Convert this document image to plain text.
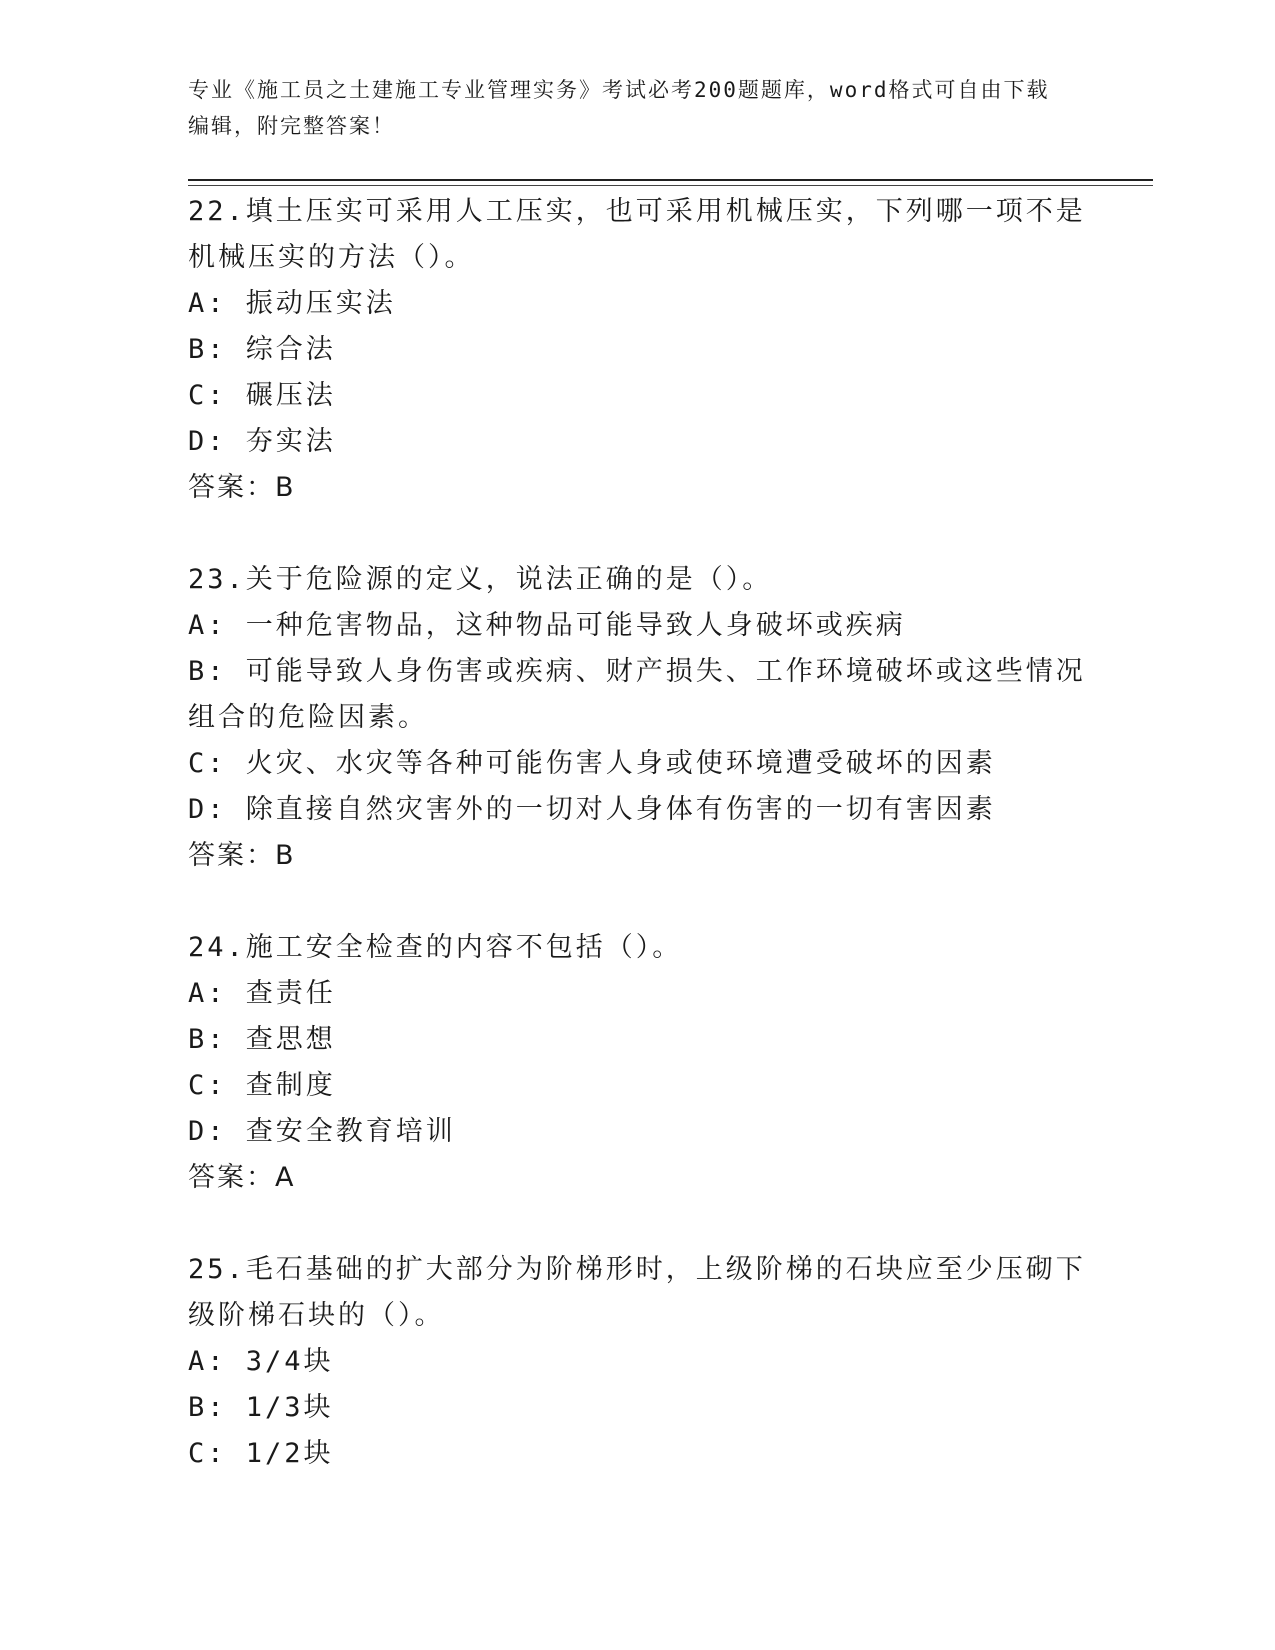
专业《施工员之土建施工专业管理实务》考试必考200题题库，word格式可自由下载编辑，附完整答案！

22.填土压实可采用人工压实，也可采用机械压实，下列哪一项不是机械压实的方法（）。

A: 振动压实法

B: 综合法

C: 碾压法

D: 夯实法

答案：B

23.关于危险源的定义，说法正确的是（）。

A: 一种危害物品，这种物品可能导致人身破坏或疾病

B: 可能导致人身伤害或疾病、财产损失、工作环境破坏或这些情况组合的危险因素。

C: 火灾、水灾等各种可能伤害人身或使环境遭受破坏的因素

D: 除直接自然灾害外的一切对人身体有伤害的一切有害因素

答案：B

24.施工安全检查的内容不包括（）。

A: 查责任

B: 查思想

C: 查制度

D: 查安全教育培训

答案：A

25.毛石基础的扩大部分为阶梯形时，上级阶梯的石块应至少压砌下级阶梯石块的（）。

A: 3/4块

B: 1/3块

C: 1/2块
